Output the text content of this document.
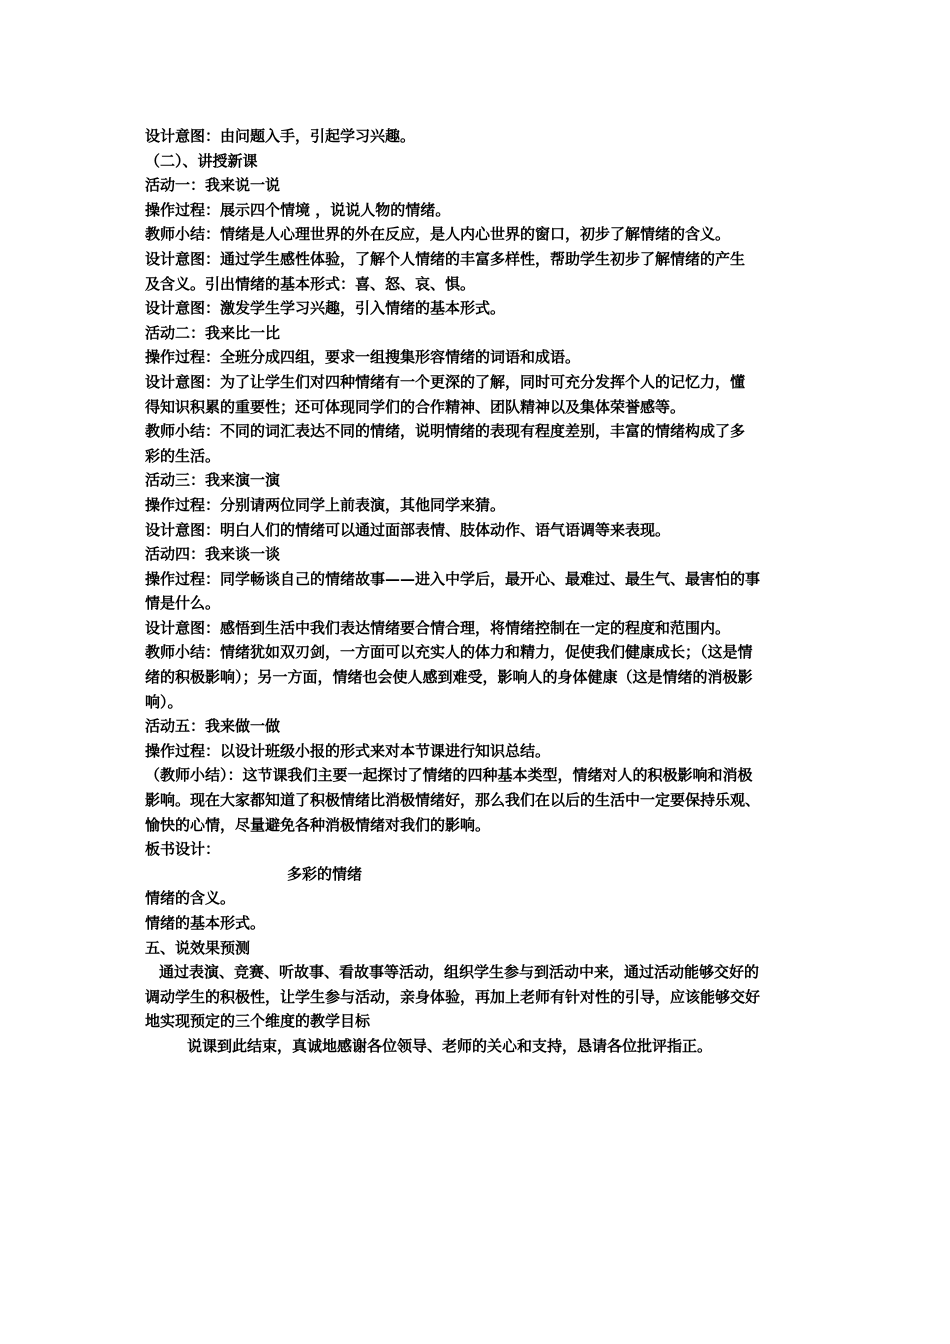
设计意图：由问题入手，引起学习兴趣。
（二）、讲授新课
活动一：我来说一说
操作过程：展示四个情境 ，说说人物的情绪。
教师小结：情绪是人心理世界的外在反应，是人内心世界的窗口，初步了解情绪的含义。
设计意图：通过学生感性体验，了解个人情绪的丰富多样性，帮助学生初步了解情绪的产生
及含义。引出情绪的基本形式：喜、怒、哀、惧。
设计意图：激发学生学习兴趣，引入情绪的基本形式。
活动二：我来比一比
操作过程：全班分成四组，要求一组搜集形容情绪的词语和成语。
设计意图：为了让学生们对四种情绪有一个更深的了解，同时可充分发挥个人的记忆力，懂
得知识积累的重要性；还可体现同学们的合作精神、团队精神以及集体荣誉感等。
教师小结：不同的词汇表达不同的情绪，说明情绪的表现有程度差别，丰富的情绪构成了多
彩的生活。
活动三：我来演一演
操作过程：分别请两位同学上前表演，其他同学来猜。
设计意图：明白人们的情绪可以通过面部表情、肢体动作、语气语调等来表现。
活动四：我来谈一谈
操作过程：同学畅谈自己的情绪故事——进入中学后，最开心、最难过、最生气、最害怕的事
情是什么。
设计意图：感悟到生活中我们表达情绪要合情合理，将情绪控制在一定的程度和范围内。
教师小结：情绪犹如双刃剑，一方面可以充实人的体力和精力，促使我们健康成长；（这是情
绪的积极影响）；另一方面，情绪也会使人感到难受，影响人的身体健康（这是情绪的消极影
响）。
活动五：我来做一做
操作过程：以设计班级小报的形式来对本节课进行知识总结。
（教师小结）：这节课我们主要一起探讨了情绪的四种基本类型，情绪对人的积极影响和消极
影响。现在大家都知道了积极情绪比消极情绪好，那么我们在以后的生活中一定要保持乐观、
愉快的心情，尽量避免各种消极情绪对我们的影响。
板书设计：
多彩的情绪
情绪的含义。
情绪的基本形式。
五、说效果预测
通过表演、竞赛、听故事、看故事等活动，组织学生参与到活动中来，通过活动能够交好的
调动学生的积极性，让学生参与活动，亲身体验，再加上老师有针对性的引导，应该能够交好
地实现预定的三个维度的教学目标
说课到此结束，真诚地感谢各位领导、老师的关心和支持，恳请各位批评指正。
